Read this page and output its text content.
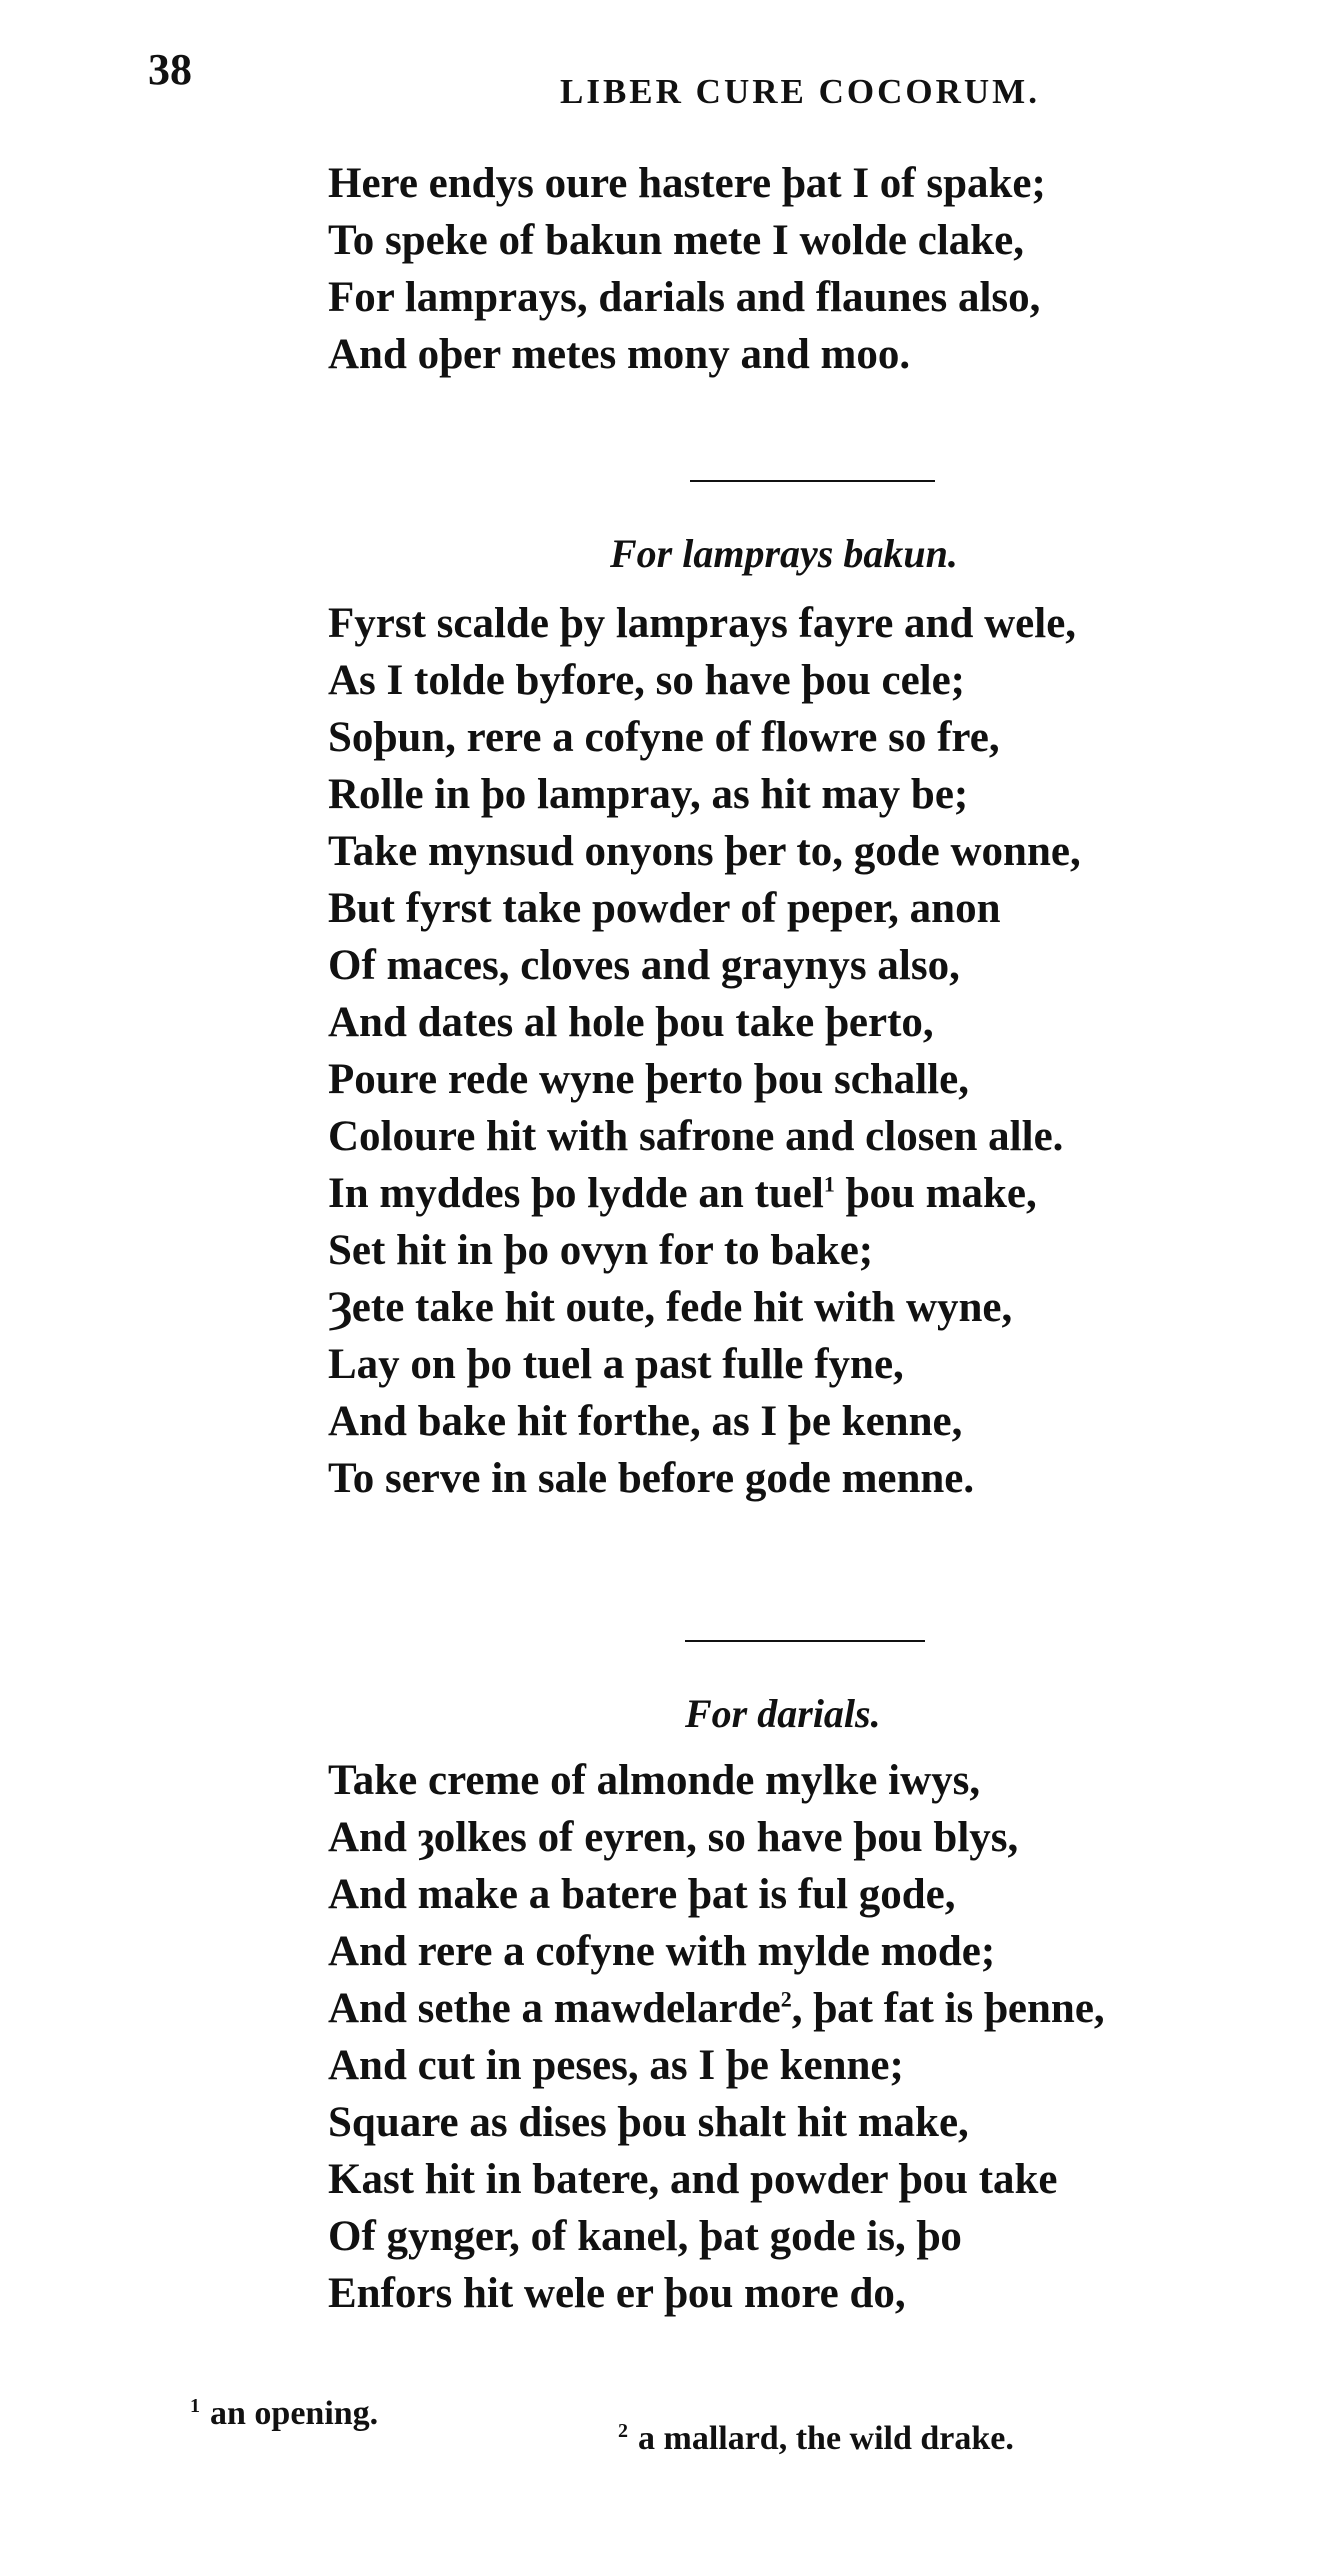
38	LIBER CURE COCORUM.
Here endys oure hastere þat I of spake;
To speke of bakun mete I wolde clake,
For lamprays, darials and flaunes also,
And oþer metes mony and moo.
For lamprays bakun.
Fyrst scalde þy lamprays fayre and wele,
As I tolde byfore, so have þou cele;
Soþun, rere a cofyne of flowre so fre,
Rolle in þo lampray, as hit may be;
Take mynsud onyons þer to, gode wonne,
But fyrst take powder of peper, anon
Of maces, cloves and graynys also,
And dates al hole þou take þerto,
Poure rede wyne þerto þou schalle,
Coloure hit with safrone and closen alle.
In myddes þo lydde an tuel$^1$ þou make,
Set hit in þo ovyn for to bake;
Ȝete take hit oute, fede hit with wyne,
Lay on þo tuel a past fulle fyne,
And bake hit forthe, as I þe kenne,
To serve in sale before gode menne.
For darials.
Take creme of almonde mylke iwys,
And ȝolkes of eyren, so have þou blys,
And make a batere þat is ful gode,
And rere a cofyne with mylde mode;
And sethe a mawdelarde$^2$, þat fat is þenne,
And cut in peses, as I þe kenne;
Square as dises þou shalt hit make,
Kast hit in batere, and powder þou take
Of gynger, of kanel, þat gode is, þo
Enfors hit wele er þou more do,
$^1$ an opening.	$^2$ a mallard, the wild drake.
